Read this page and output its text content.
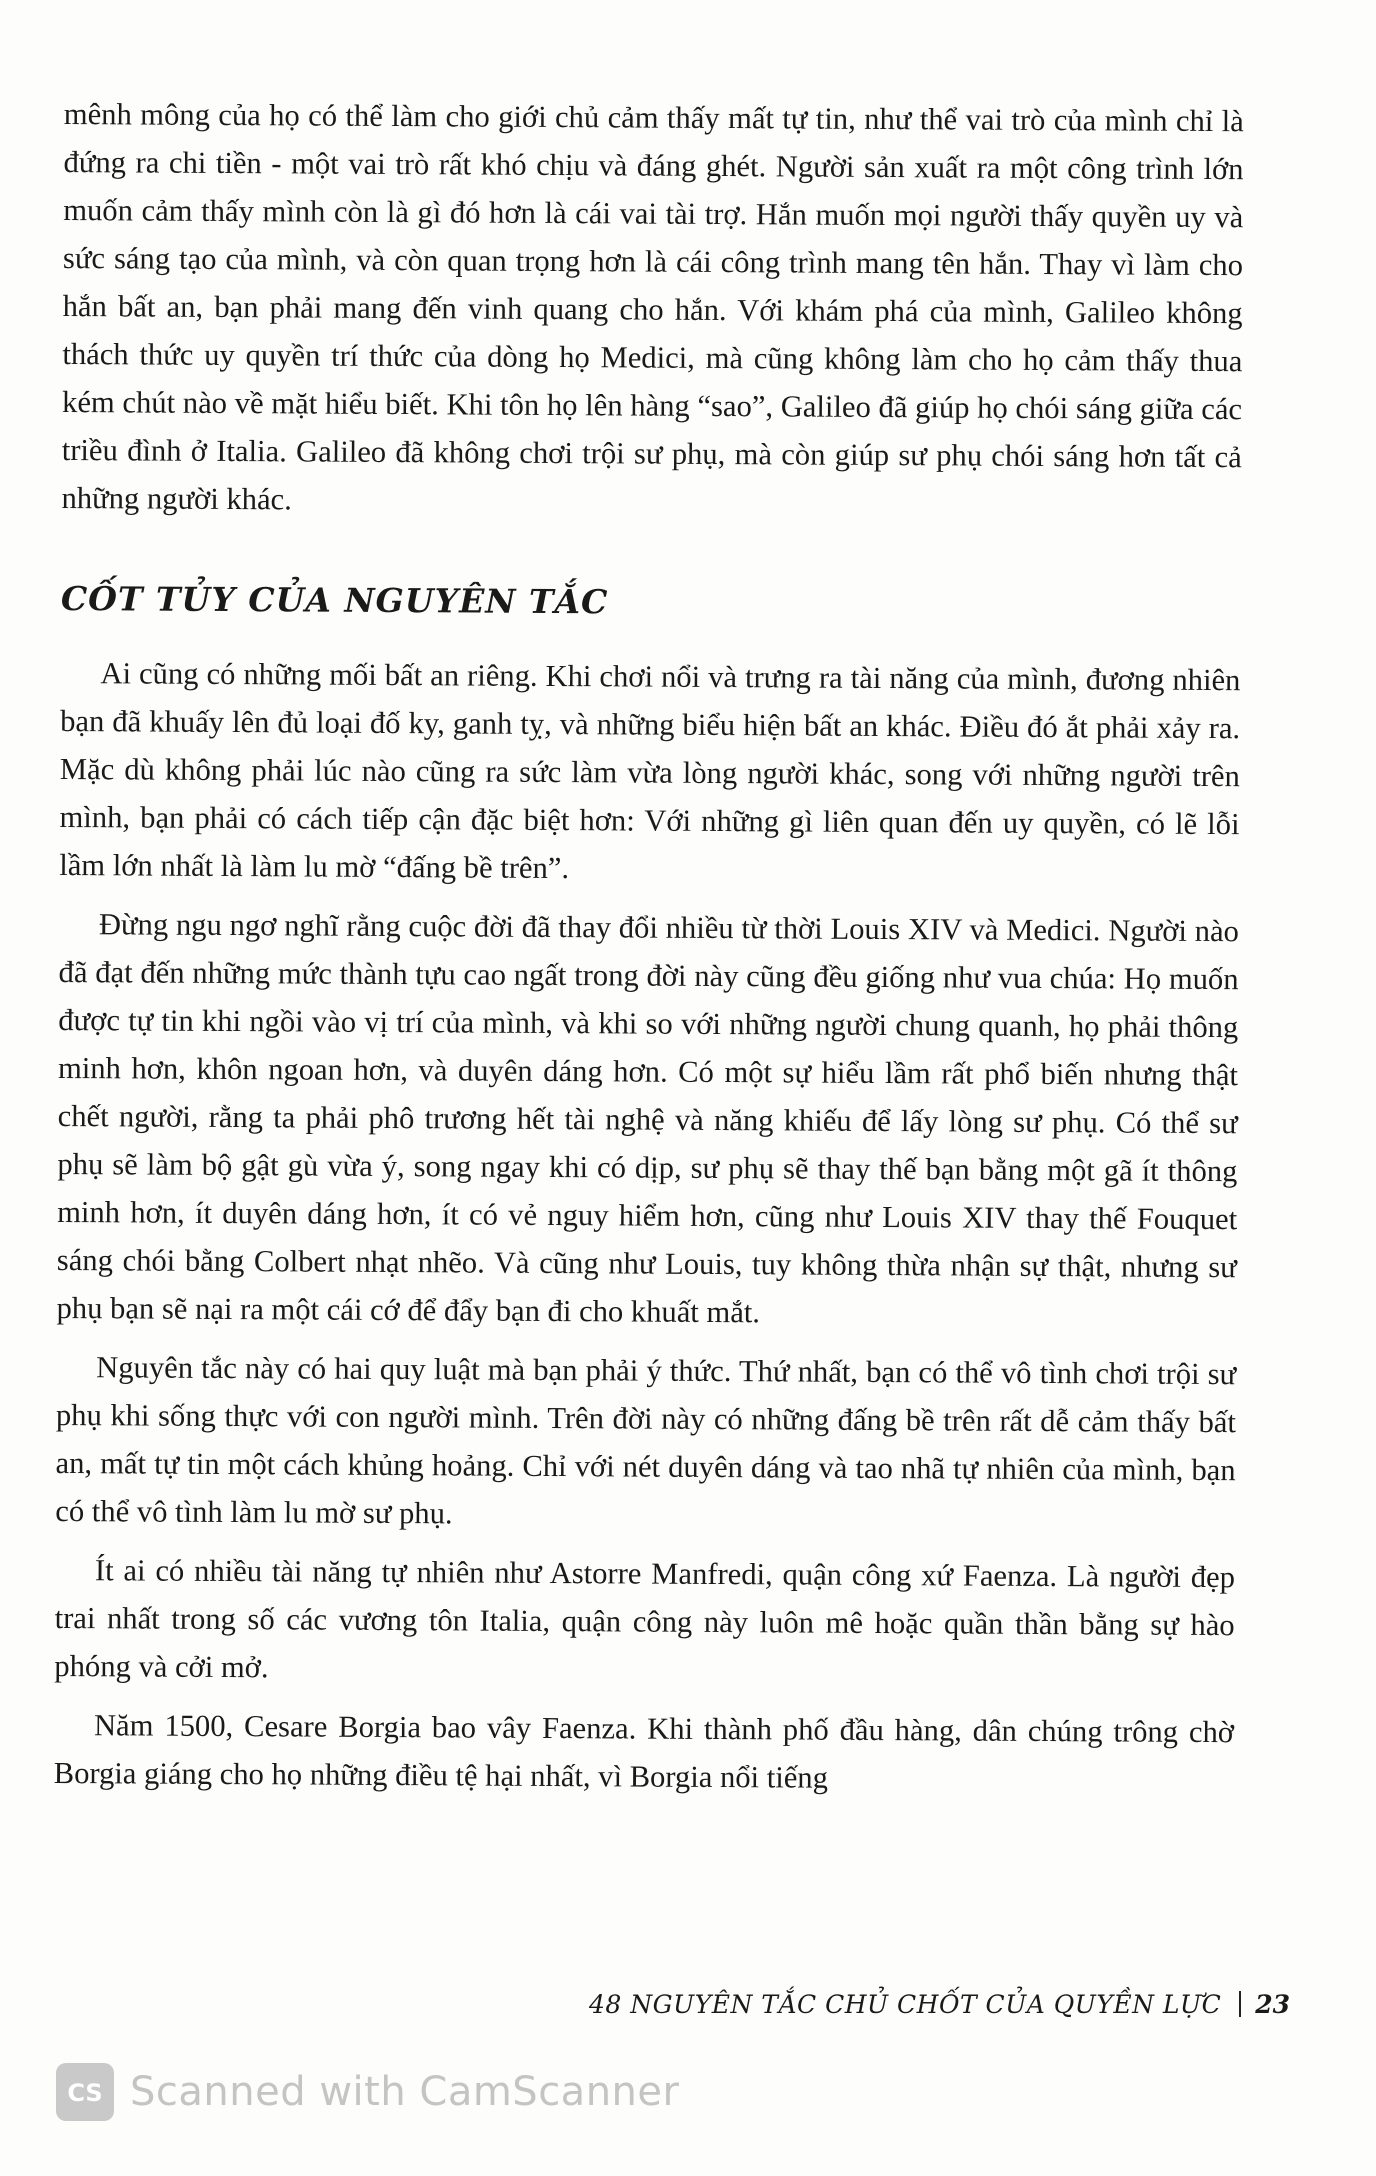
mênh mông của họ có thể làm cho giới chủ cảm thấy mất tự tin, như thể vai trò của mình chỉ là đứng ra chi tiền - một vai trò rất khó chịu và đáng ghét. Người sản xuất ra một công trình lớn muốn cảm thấy mình còn là gì đó hơn là cái vai tài trợ. Hắn muốn mọi người thấy quyền uy và sức sáng tạo của mình, và còn quan trọng hơn là cái công trình mang tên hắn. Thay vì làm cho hắn bất an, bạn phải mang đến vinh quang cho hắn. Với khám phá của mình, Galileo không thách thức uy quyền trí thức của dòng họ Medici, mà cũng không làm cho họ cảm thấy thua kém chút nào về mặt hiểu biết. Khi tôn họ lên hàng “sao”, Galileo đã giúp họ chói sáng giữa các triều đình ở Italia. Galileo đã không chơi trội sư phụ, mà còn giúp sư phụ chói sáng hơn tất cả những người khác.

CỐT TỦY CỦA NGUYÊN TẮC

Ai cũng có những mối bất an riêng. Khi chơi nổi và trưng ra tài năng của mình, đương nhiên bạn đã khuấy lên đủ loại đố ky, ganh tỵ, và những biểu hiện bất an khác. Điều đó ắt phải xảy ra. Mặc dù không phải lúc nào cũng ra sức làm vừa lòng người khác, song với những người trên mình, bạn phải có cách tiếp cận đặc biệt hơn: Với những gì liên quan đến uy quyền, có lẽ lỗi lầm lớn nhất là làm lu mờ “đấng bề trên”.

Đừng ngu ngơ nghĩ rằng cuộc đời đã thay đổi nhiều từ thời Louis XIV và Medici. Người nào đã đạt đến những mức thành tựu cao ngất trong đời này cũng đều giống như vua chúa: Họ muốn được tự tin khi ngồi vào vị trí của mình, và khi so với những người chung quanh, họ phải thông minh hơn, khôn ngoan hơn, và duyên dáng hơn. Có một sự hiểu lầm rất phổ biến nhưng thật chết người, rằng ta phải phô trương hết tài nghệ và năng khiếu để lấy lòng sư phụ. Có thể sư phụ sẽ làm bộ gật gù vừa ý, song ngay khi có dịp, sư phụ sẽ thay thế bạn bằng một gã ít thông minh hơn, ít duyên dáng hơn, ít có vẻ nguy hiểm hơn, cũng như Louis XIV thay thế Fouquet sáng chói bằng Colbert nhạt nhẽo. Và cũng như Louis, tuy không thừa nhận sự thật, nhưng sư phụ bạn sẽ nại ra một cái cớ để đẩy bạn đi cho khuất mắt.

Nguyên tắc này có hai quy luật mà bạn phải ý thức. Thứ nhất, bạn có thể vô tình chơi trội sư phụ khi sống thực với con người mình. Trên đời này có những đấng bề trên rất dễ cảm thấy bất an, mất tự tin một cách khủng hoảng. Chỉ với nét duyên dáng và tao nhã tự nhiên của mình, bạn có thể vô tình làm lu mờ sư phụ.

Ít ai có nhiều tài năng tự nhiên như Astorre Manfredi, quận công xứ Faenza. Là người đẹp trai nhất trong số các vương tôn Italia, quận công này luôn mê hoặc quần thần bằng sự hào phóng và cởi mở.

Năm 1500, Cesare Borgia bao vây Faenza. Khi thành phố đầu hàng, dân chúng trông chờ Borgia giáng cho họ những điều tệ hại nhất, vì Borgia nổi tiếng

48 NGUYÊN TẮC CHỦ CHỐT CỦA QUYỀN LỰC 23
CS Scanned with CamScanner
